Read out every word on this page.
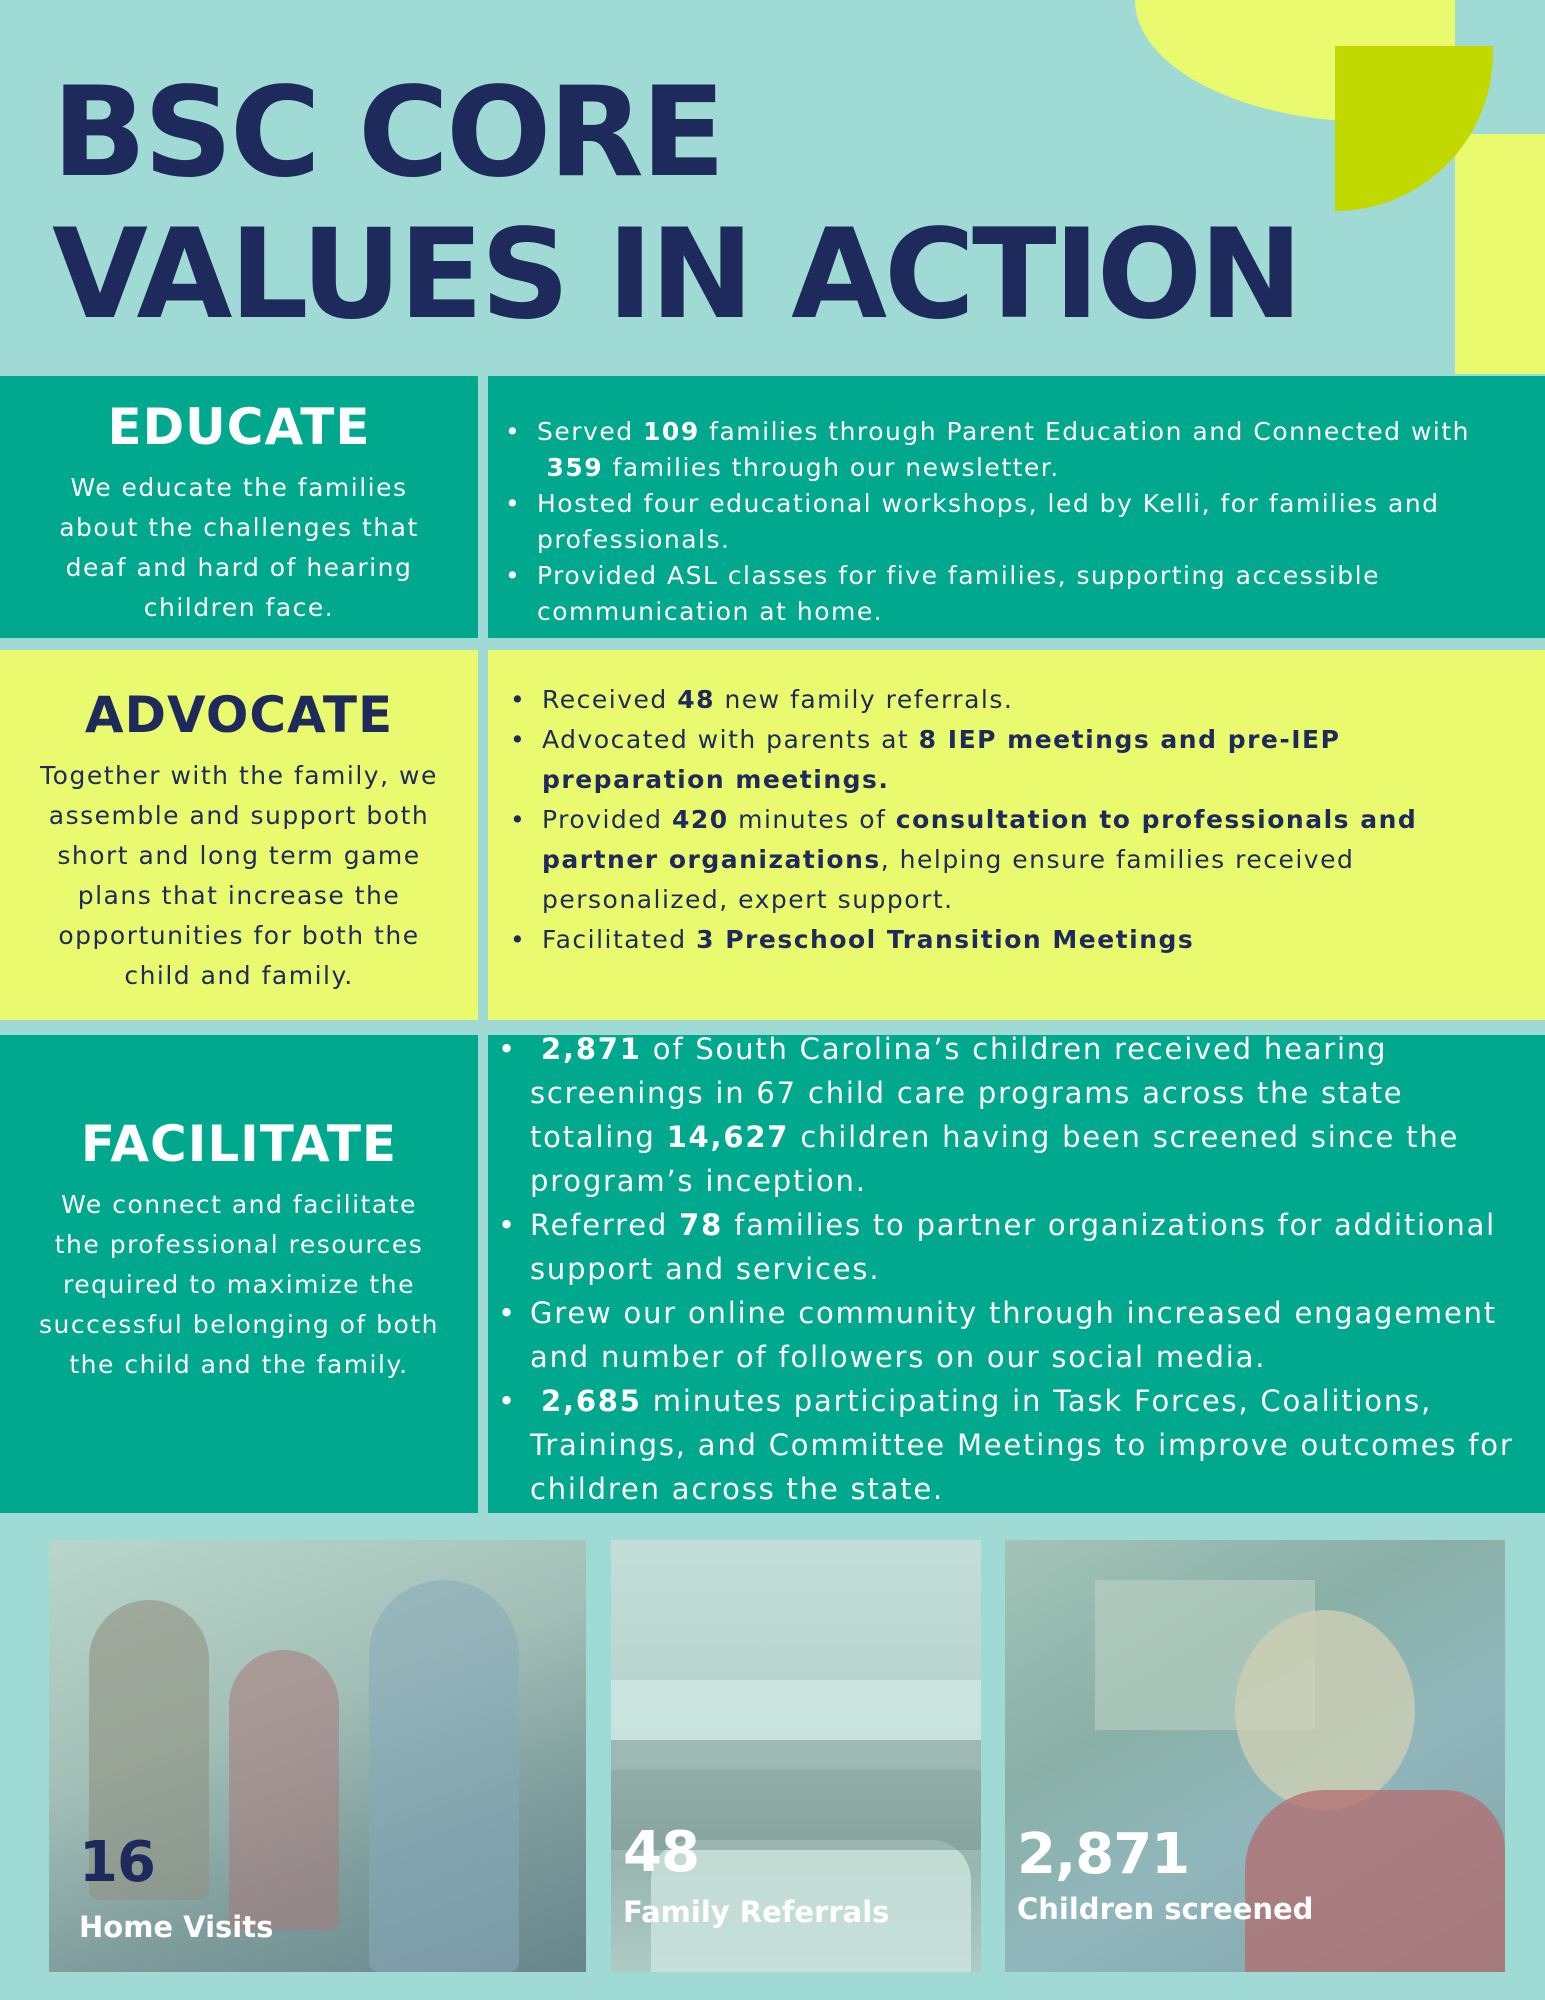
BSC CORE
VALUES IN ACTION
EDUCATE

We educate the families about the challenges that deaf and hard of hearing children face.

• Served 109 families through Parent Education and Connected with
359 families through our newsletter.
• Hosted four educational workshops, led by Kelli, for families and professionals.
• Provided ASL classes for five families, supporting accessible communication at home.
ADVOCATE

Together with the family, we assemble and support both short and long term game plans that increase the opportunities for both the child and family.

• Received 48 new family referrals.
• Advocated with parents at 8 IEP meetings and pre-IEP preparation meetings.
• Provided 420 minutes of consultation to professionals and partner organizations, helping ensure families received personalized, expert support.
• Facilitated 3 Preschool Transition Meetings
FACILITATE

We connect and facilitate the professional resources required to maximize the successful belonging of both the child and the family.

• 2,871 of South Carolina’s children received hearing screenings in 67 child care programs across the state totaling 14,627 children having been screened since the program’s inception.
• Referred 78 families to partner organizations for additional support and services.
• Grew our online community through increased engagement and number of followers on our social media.
• 2,685 minutes participating in Task Forces, Coalitions, Trainings, and Committee Meetings to improve outcomes for children across the state.
16
Home Visits
48
Family Referrals
2,871
Children screened
